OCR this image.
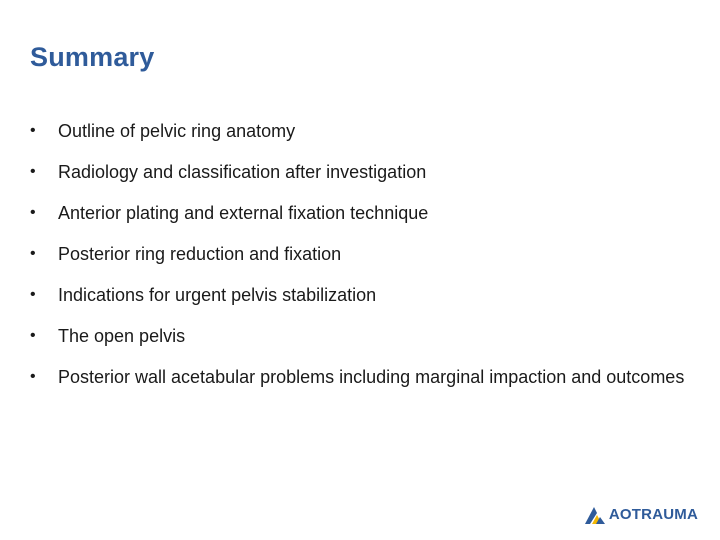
Summary
• Outline of pelvic ring anatomy
• Radiology and classification after investigation
• Anterior plating and external fixation technique
• Posterior ring reduction and fixation
• Indications for urgent pelvis stabilization
• The open pelvis
• Posterior wall acetabular problems including marginal impaction and outcomes
AOTRAUMA
